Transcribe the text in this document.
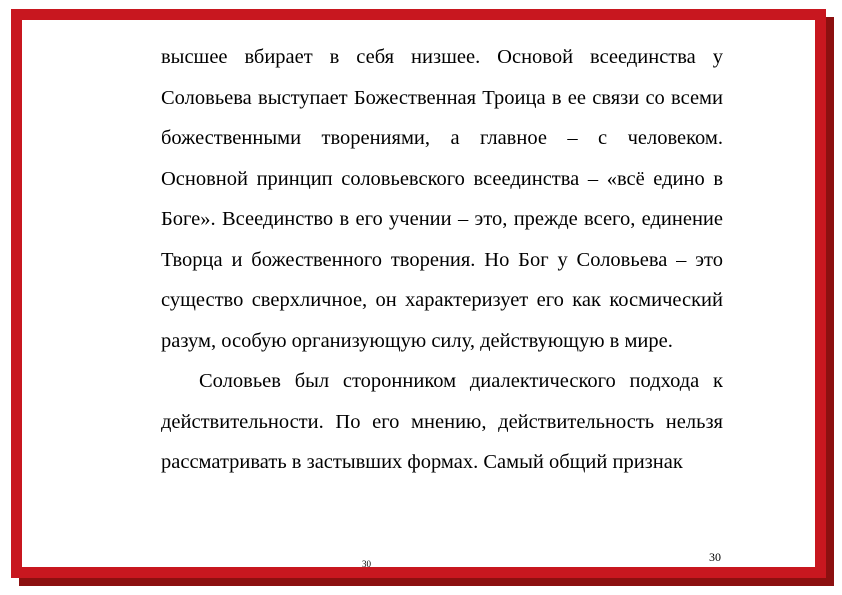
высшее вбирает в себя низшее. Основой всеединства у Соловьева выступает Божественная Троица в ее связи со всеми божественными творениями, а главное – с человеком. Основной принцип соловьевского всеединства – «всё едино в Боге». Всеединство в его учении – это, прежде всего, единение Творца и божественного творения. Но Бог у Соловьева – это существо сверхличное, он характеризует его как космический разум, особую организующую силу, действующую в мире.

Соловьев был сторонником диалектического подхода к действительности. По его мнению, действительность нельзя рассматривать в застывших формах. Самый общий признак

30	30
